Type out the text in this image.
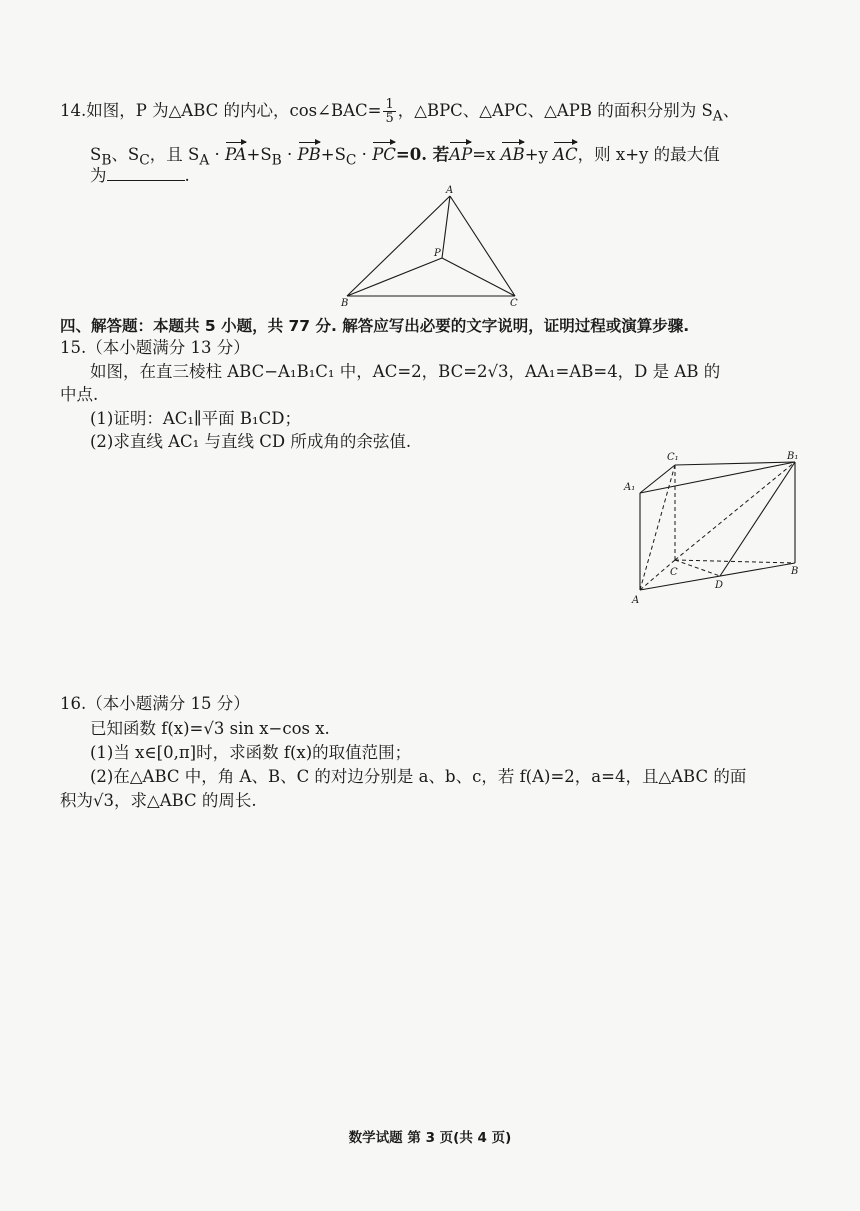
14.如图，P 为△ABC 的内心，cos∠BAC= $\frac{1}{5}$ ，△BPC、△APC、△APB 的面积分别为 $S_A$、
$S_B$、$S_C$，且 $S_A \cdot PA+S_B \cdot PB+S_C \cdot PC=0$. 若AP=x AB+y AC，则 x+y 的最大值
为	.
A
P
B	C
四、解答题：本题共 5 小题，共 77 分. 解答应写出必要的文字说明，证明过程或演算步骤.
15.（本小题满分 13 分）
如图，在直三棱柱 ABC−A₁B₁C₁ 中，AC=2，BC=2√3，AA₁=AB=4，D 是 AB 的
中点.
(1)证明：AC₁∥平面 B₁CD；
(2)求直线 AC₁ 与直线 CD 所成角的余弦值.
C₁	B₁
A₁
C
D
B
A
16.（本小题满分 15 分）
已知函数 f(x)=√3 sin x−cos x.
(1)当 x∈[0,π]时，求函数 f(x)的取值范围；
(2)在△ABC 中，角 A、B、C 的对边分别是 a、b、c，若 f(A)=2，a=4，且△ABC 的面
积为√3，求△ABC 的周长.
数学试题 第 3 页(共 4 页)
